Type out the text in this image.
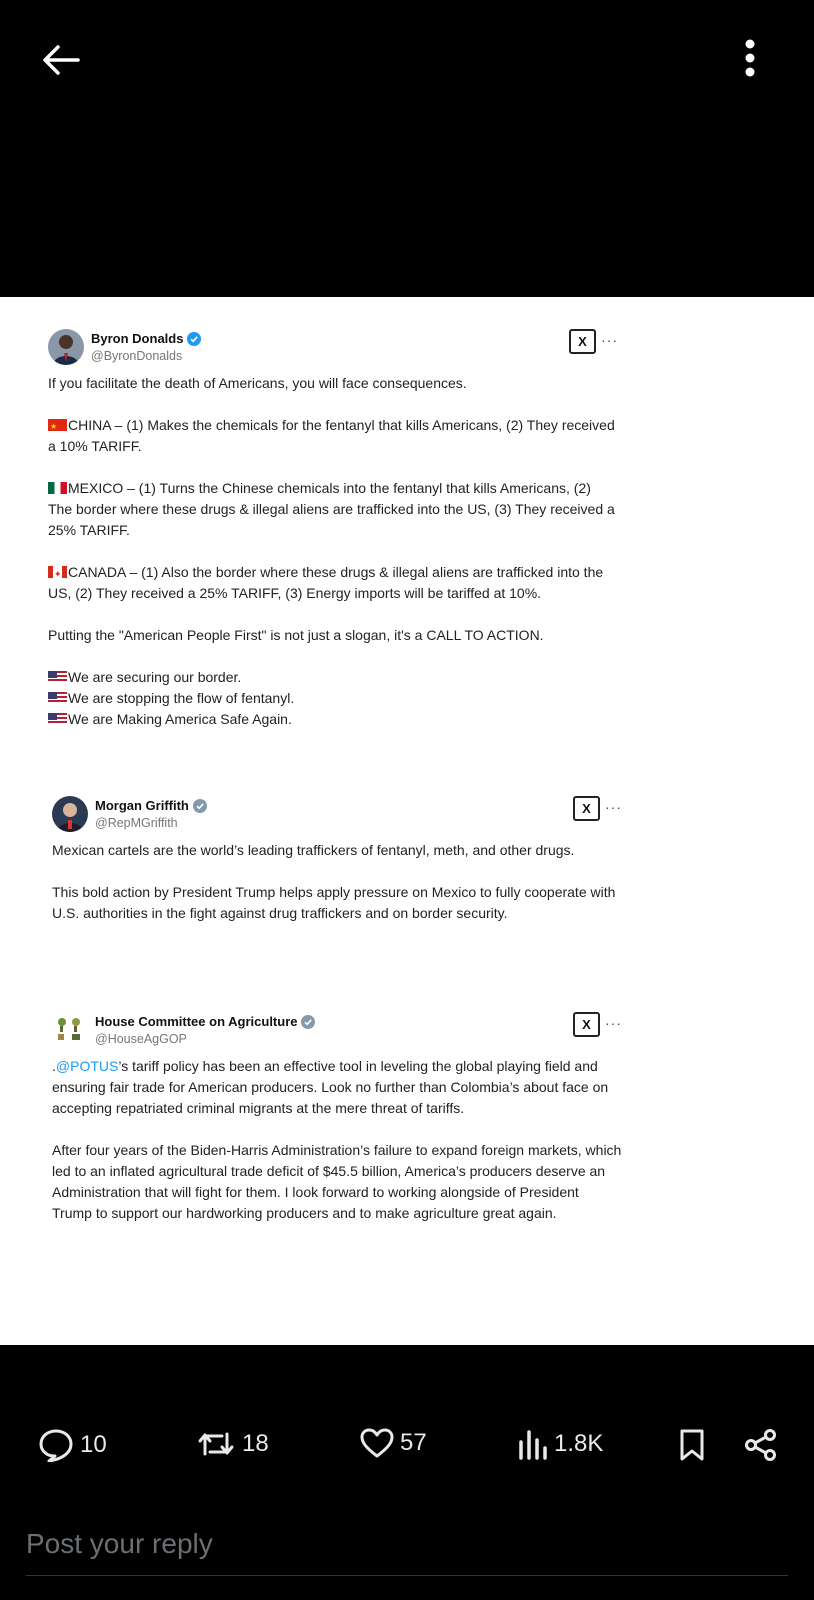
Byron Donalds
@ByronDonalds
X	···

If you facilitate the death of Americans, you will face consequences.

★CHINA – (1) Makes the chemicals for the fentanyl that kills Americans, (2) They received a 10% TARIFF.

MEXICO – (1) Turns the Chinese chemicals into the fentanyl that kills Americans, (2) The border where these drugs & illegal aliens are trafficked into the US, (3) They received a 25% TARIFF.

✦CANADA – (1) Also the border where these drugs & illegal aliens are trafficked into the US, (2) They received a 25% TARIFF, (3) Energy imports will be tariffed at 10%.

Putting the "American People First" is not just a slogan, it's a CALL TO ACTION.

We are securing our border.

We are stopping the flow of fentanyl.

We are Making America Safe Again.

Morgan Griffith
@RepMGriffith
X	···

Mexican cartels are the world’s leading traffickers of fentanyl, meth, and other drugs.

This bold action by President Trump helps apply pressure on Mexico to fully cooperate with U.S. authorities in the fight against drug traffickers and on border security.

House Committee on Agriculture
@HouseAgGOP
X	···

.@POTUS’s tariff policy has been an effective tool in leveling the global playing field and ensuring fair trade for American producers. Look no further than Colombia’s about face on accepting repatriated criminal migrants at the mere threat of tariffs.

After four years of the Biden-Harris Administration’s failure to expand foreign markets, which led to an inflated agricultural trade deficit of $45.5 billion, America’s producers deserve an Administration that will fight for them. I look forward to working alongside of President Trump to support our hardworking producers and to make agriculture great again.

10	18	57	1.8K
Post your reply
